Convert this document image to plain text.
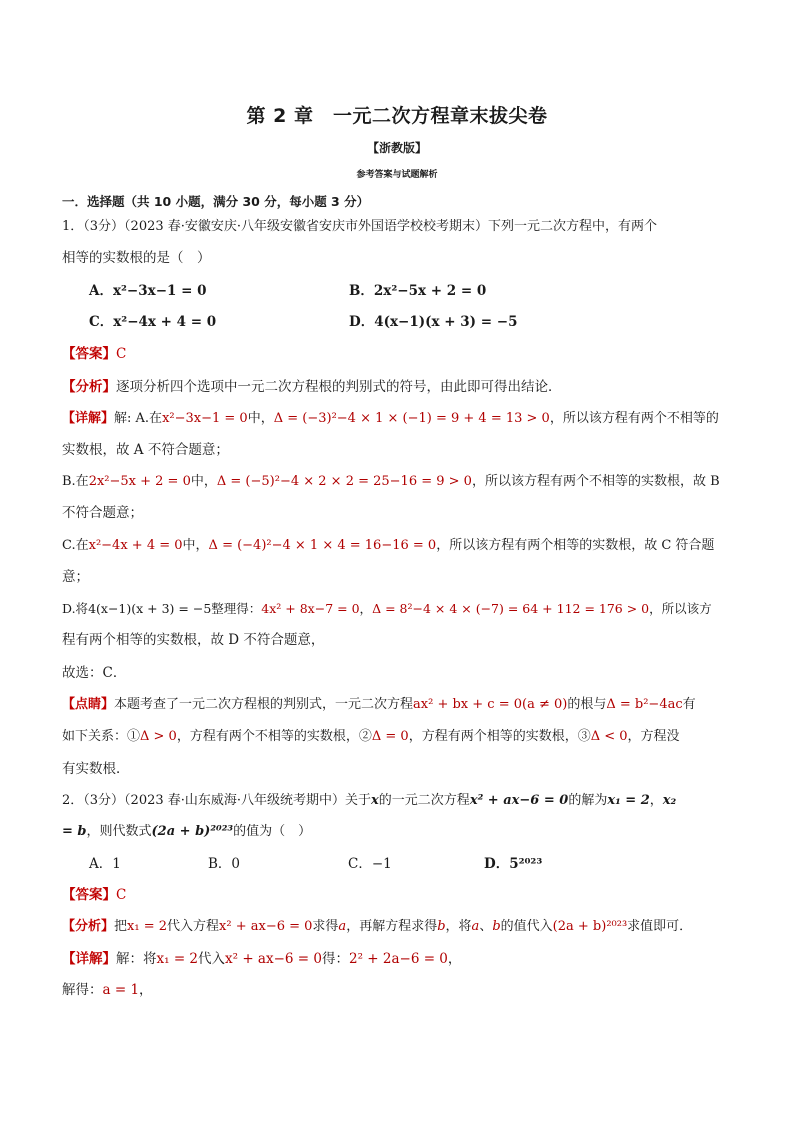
第 2 章　一元二次方程章末拔尖卷
【浙教版】
参考答案与试题解析
一．选择题（共 10 小题，满分 30 分，每小题 3 分）
1．（3分）（2023 春·安徽安庆·八年级安徽省安庆市外国语学校校考期末）下列一元二次方程中，有两个
相等的实数根的是（　）
A．x²−3x−1 = 0	B．2x²−5x + 2 = 0
C．x²−4x + 4 = 0	D．4(x−1)(x + 3) = −5
【答案】C
【分析】逐项分析四个选项中一元二次方程根的判别式的符号，由此即可得出结论．
【详解】解: A.在x²−3x−1 = 0中，Δ = (−3)²−4 × 1 × (−1) = 9 + 4 = 13 > 0，所以该方程有两个不相等的
实数根，故 A 不符合题意；
B.在2x²−5x + 2 = 0中，Δ = (−5)²−4 × 2 × 2 = 25−16 = 9 > 0，所以该方程有两个不相等的实数根，故 B
不符合题意；
C.在x²−4x + 4 = 0中，Δ = (−4)²−4 × 1 × 4 = 16−16 = 0，所以该方程有两个相等的实数根，故 C 符合题
意；
D.将4(x−1)(x + 3) = −5整理得：4x² + 8x−7 = 0，Δ = 8²−4 × 4 × (−7) = 64 + 112 = 176 > 0，所以该方
程有两个相等的实数根，故 D 不符合题意，
故选：C．
【点睛】本题考查了一元二次方程根的判别式，一元二次方程ax² + bx + c = 0(a ≠ 0)的根与Δ = b²−4ac有
如下关系：①Δ > 0，方程有两个不相等的实数根，②Δ = 0，方程有两个相等的实数根，③Δ < 0，方程没
有实数根．
2．（3分）（2023 春·山东威海·八年级统考期中）关于x的一元二次方程x² + ax−6 = 0的解为x₁ = 2，x₂
= b，则代数式(2a + b)²⁰²³的值为（　）
A．1	B．0	C．−1	D．5²⁰²³
【答案】C
【分析】把x₁ = 2代入方程x² + ax−6 = 0求得a，再解方程求得b，将a、b的值代入(2a + b)²⁰²³求值即可．
【详解】解：将x₁ = 2代入x² + ax−6 = 0得：2² + 2a−6 = 0，
解得：a = 1，
